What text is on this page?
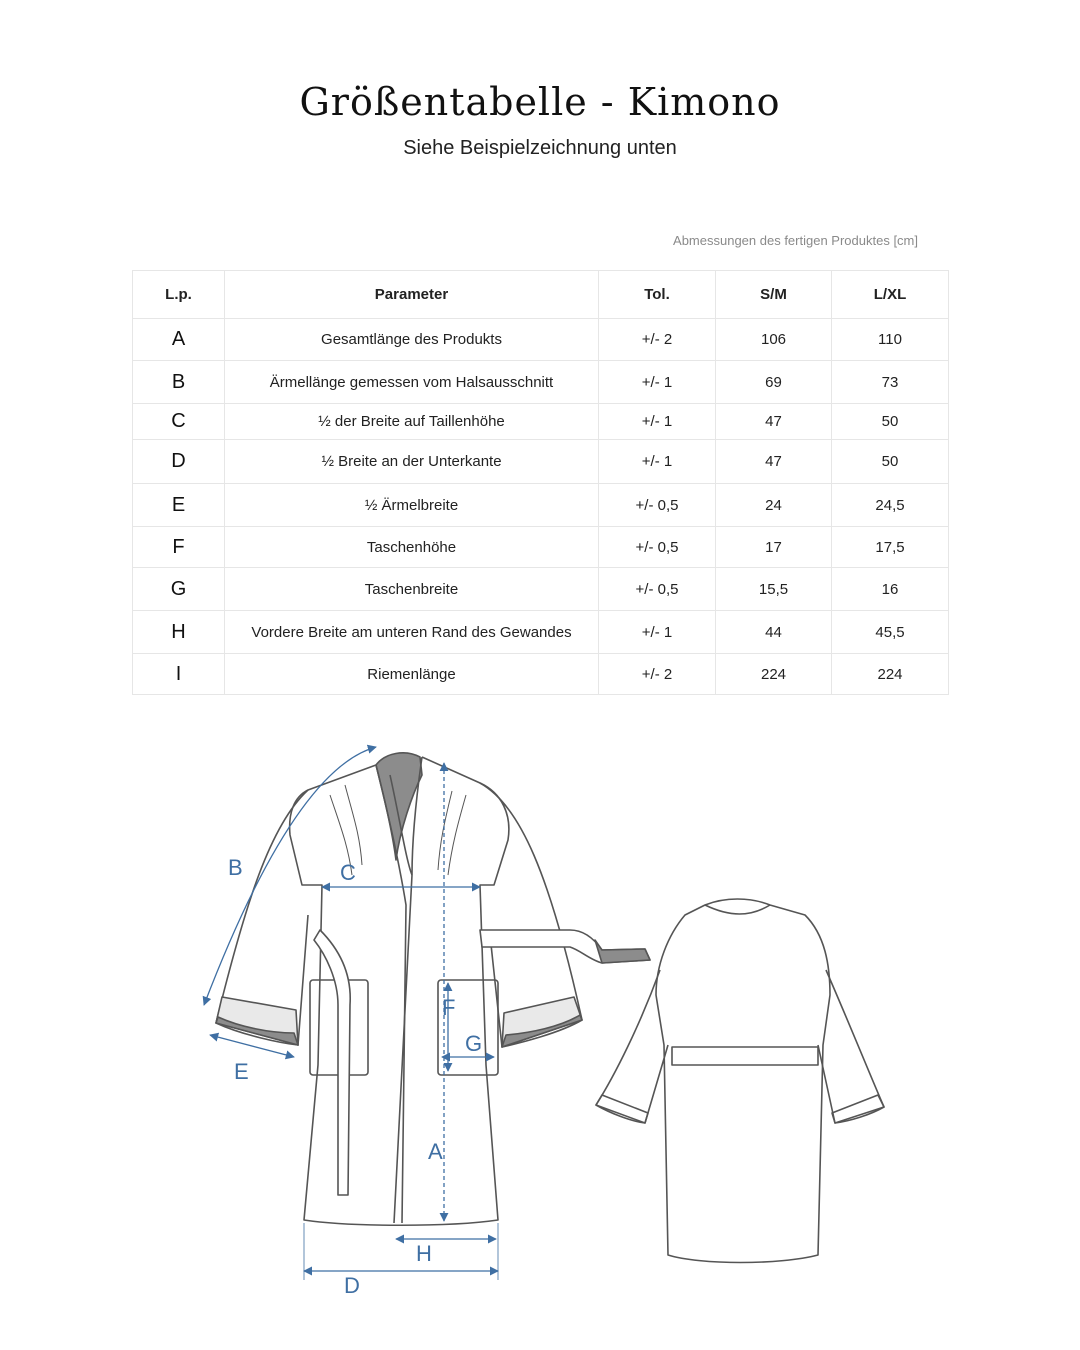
Größentabelle - Kimono
Siehe Beispielzeichnung unten
Abmessungen des fertigen Produktes [cm]
L.p.	Parameter	Tol.	S/M	L/XL
A	Gesamtlänge des Produkts	+/- 2	106	110
B	Ärmellänge gemessen vom Halsausschnitt	+/- 1	69	73
C	½ der Breite auf Taillenhöhe	+/- 1	47	50
D	½ Breite an der Unterkante	+/- 1	47	50
E	½ Ärmelbreite	+/- 0,5	24	24,5
F	Taschenhöhe	+/- 0,5	17	17,5
G	Taschenbreite	+/- 0,5	15,5	16
H	Vordere Breite am unteren Rand des Gewandes	+/- 1	44	45,5
I	Riemenlänge	+/- 2	224	224
B	C
E
F
G
A
H
D
